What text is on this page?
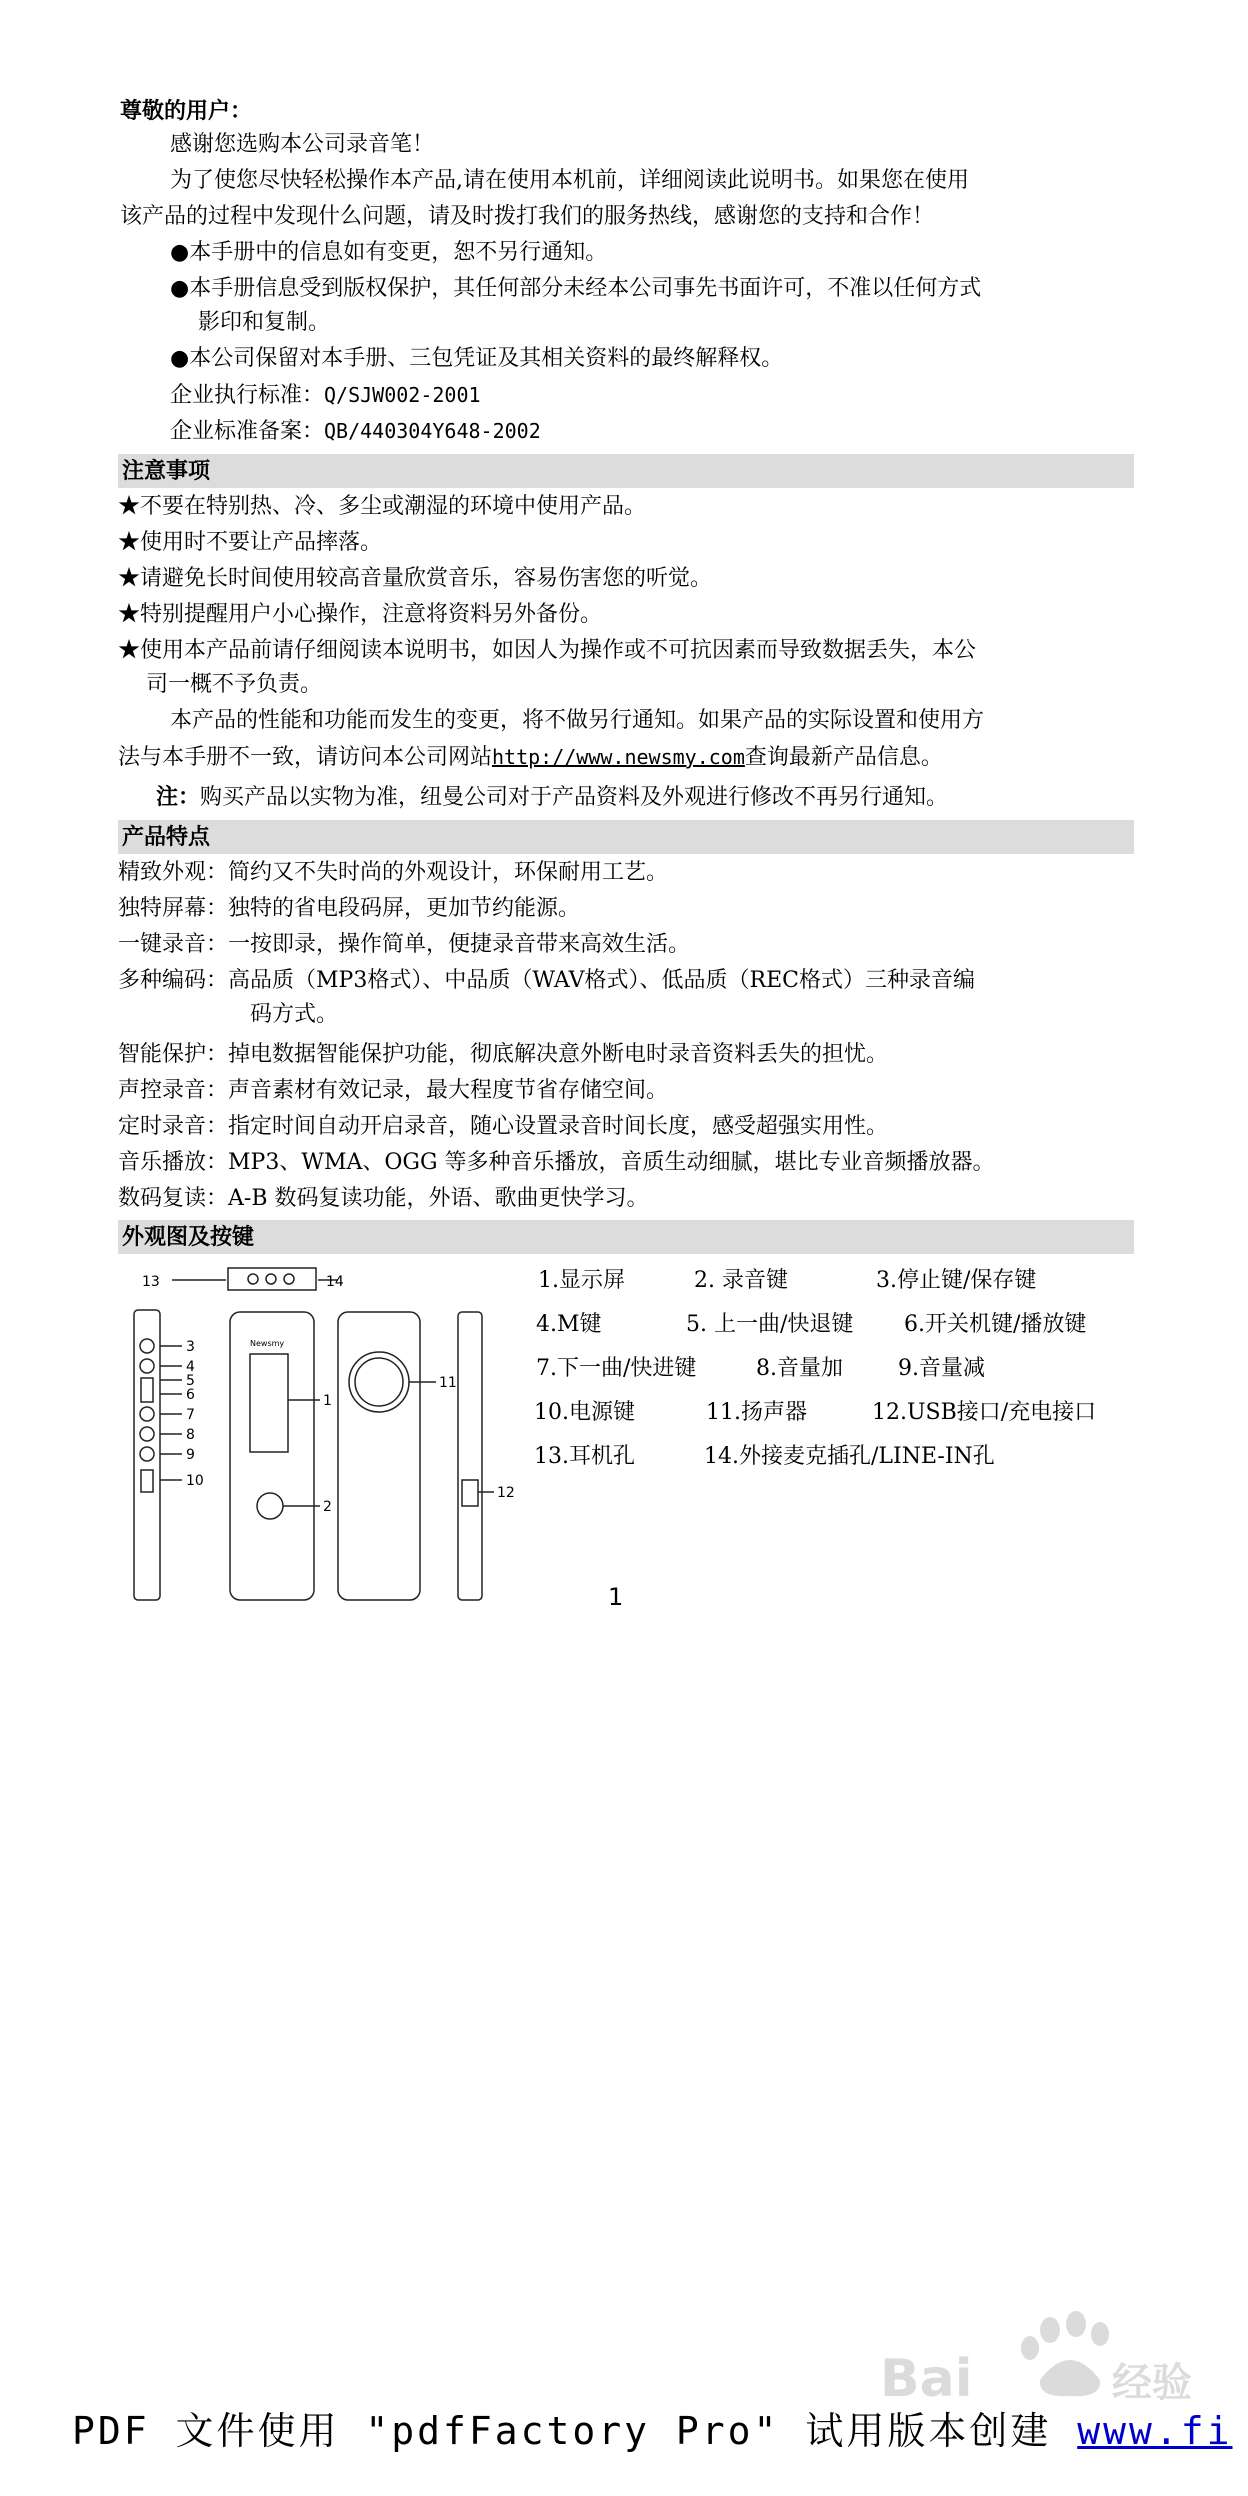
尊敬的用户：
感谢您选购本公司录音笔！
为了使您尽快轻松操作本产品,请在使用本机前，详细阅读此说明书。如果您在使用
该产品的过程中发现什么问题，请及时拨打我们的服务热线，感谢您的支持和合作！
●本手册中的信息如有变更，恕不另行通知。
●本手册信息受到版权保护，其任何部分未经本公司事先书面许可，不准以任何方式
影印和复制。
●本公司保留对本手册、三包凭证及其相关资料的最终解释权。
企业执行标准：Q/SJW002-2001
企业标准备案：QB/440304Y648-2002
注意事项
★不要在特别热、冷、多尘或潮湿的环境中使用产品。
★使用时不要让产品摔落。
★请避免长时间使用较高音量欣赏音乐，容易伤害您的听觉。
★特别提醒用户小心操作，注意将资料另外备份。
★使用本产品前请仔细阅读本说明书，如因人为操作或不可抗因素而导致数据丢失，本公
司一概不予负责。
本产品的性能和功能而发生的变更，将不做另行通知。如果产品的实际设置和使用方
法与本手册不一致，请访问本公司网站http://www.newsmy.com查询最新产品信息。
注：购买产品以实物为准，纽曼公司对于产品资料及外观进行修改不再另行通知。
产品特点
精致外观：简约又不失时尚的外观设计，环保耐用工艺。
独特屏幕：独特的省电段码屏，更加节约能源。
一键录音：一按即录，操作简单，便捷录音带来高效生活。
多种编码：高品质（MP3格式）、中品质（WAV格式）、低品质（REC格式）三种录音编
码方式。
智能保护：掉电数据智能保护功能，彻底解决意外断电时录音资料丢失的担忧。
声控录音：声音素材有效记录，最大程度节省存储空间。
定时录音：指定时间自动开启录音，随心设置录音时间长度，感受超强实用性。
音乐播放：MP3、WMA、OGG 等多种音乐播放，音质生动细腻，堪比专业音频播放器。
数码复读：A-B 数码复读功能，外语、歌曲更快学习。
外观图及按键
13	14
Newsmy
3
4
5
6
7
8
9
10
1
2
11
12
1.显示屏	2. 录音键	3.停止键/保存键
4.M键	5. 上一曲/快退键 6.开关机键/播放键
7.下一曲/快进键	8.音量加	9.音量减
10.电源键	11.扬声器	12.USB接口/充电接口
13.耳机孔	14.外接麦克插孔/LINE-IN孔
1
Bai	经验
PDF 文件使用 "pdfFactory Pro" 试用版本创建 www.fi
